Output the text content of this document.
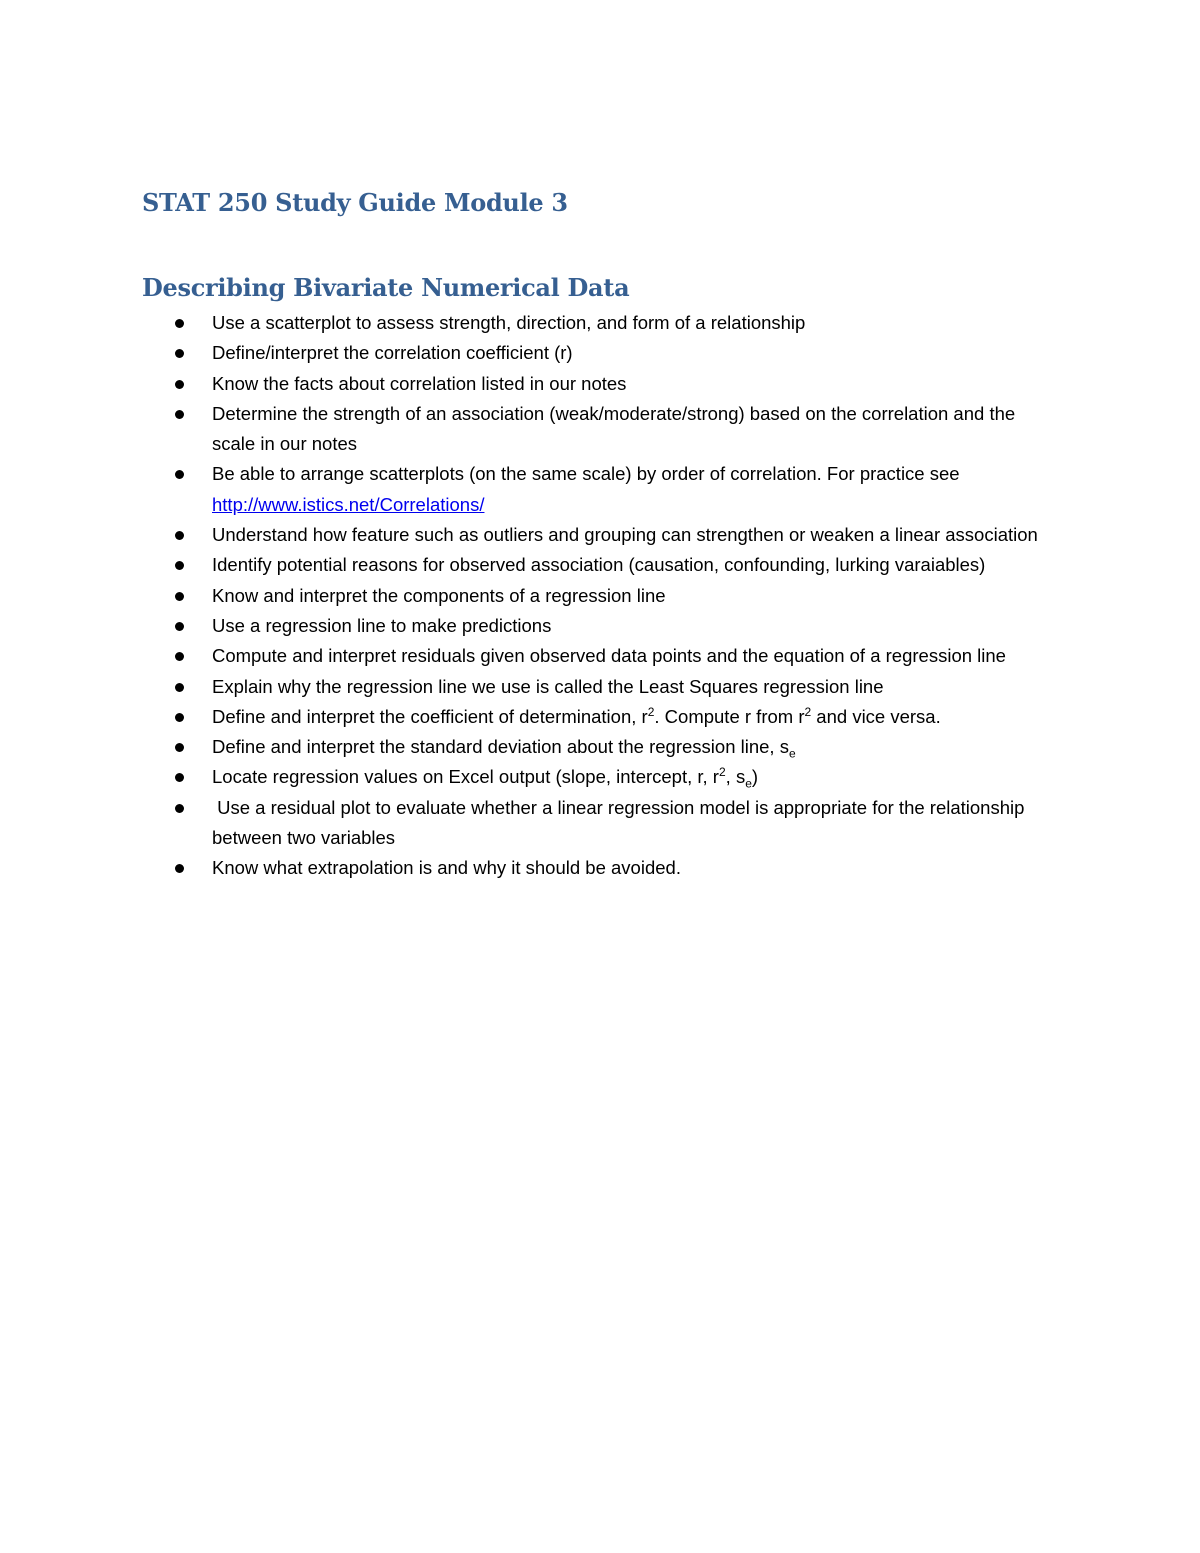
STAT 250 Study Guide Module 3
Describing Bivariate Numerical Data
Use a scatterplot to assess strength, direction, and form of a relationship
Define/interpret the correlation coefficient (r)
Know the facts about correlation listed in our notes
Determine the strength of an association (weak/moderate/strong) based on the correlation and the scale in our notes
Be able to arrange scatterplots (on the same scale) by order of correlation. For practice see
http://www.istics.net/Correlations/
Understand how feature such as outliers and grouping can strengthen or weaken a linear association
Identify potential reasons for observed association (causation, confounding, lurking varaiables)
Know and interpret the components of a regression line
Use a regression line to make predictions
Compute and interpret residuals given observed data points and the equation of a regression line
Explain why the regression line we use is called the Least Squares regression line
Define and interpret the coefficient of determination, $r^2$. Compute r from $r^2$ and vice versa.
Define and interpret the standard deviation about the regression line, $s_e$
Locate regression values on Excel output (slope, intercept, r, $r^2$, $s_e$)
Use a residual plot to evaluate whether a linear regression model is appropriate for the relationship between two variables
Know what extrapolation is and why it should be avoided.
